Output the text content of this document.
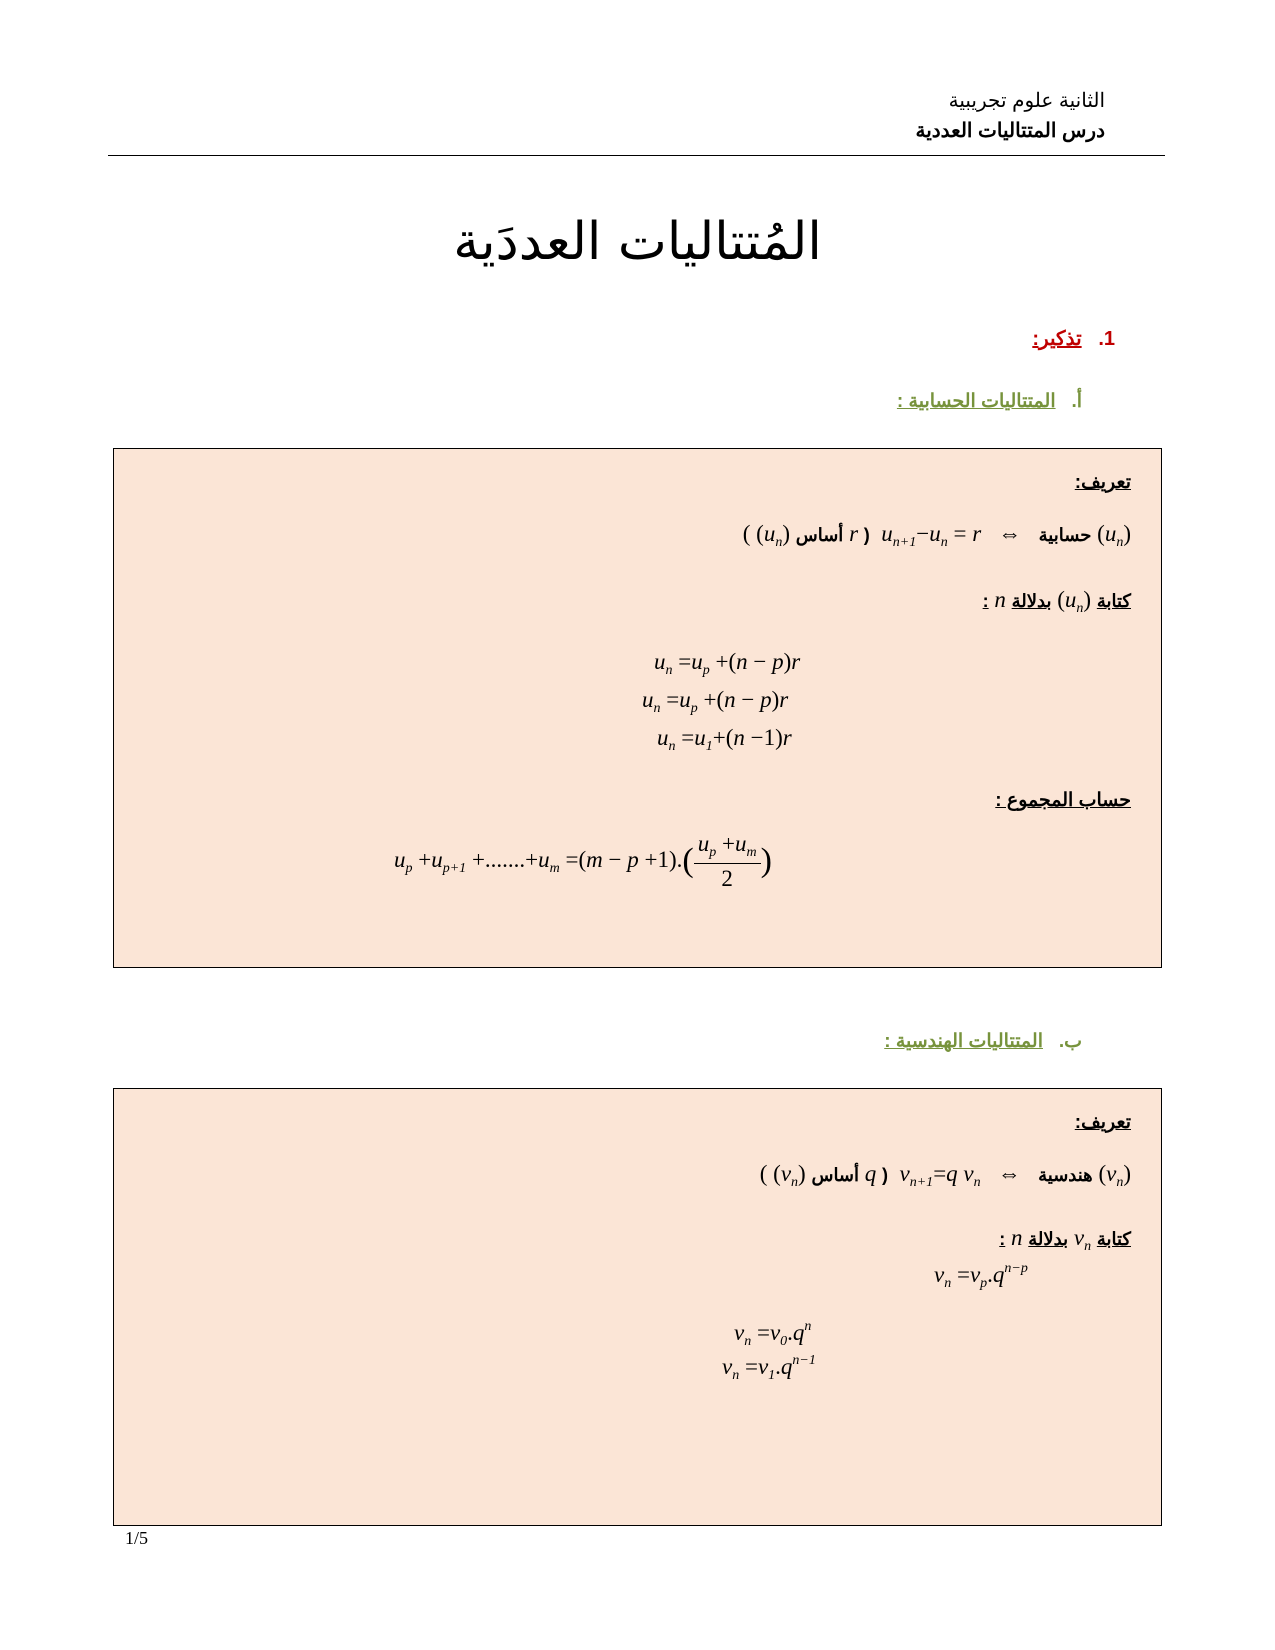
الثانية علوم تجريبية
درس المتتاليات العددية
المُتتاليات العددَية
1.   تذكير:
أ.   المتتاليات الحسابية :
تعريف:
( $(u_n)$ أساس r ) $u_{n+1}-u_n = r$ ⇔ حسابية $(u_n)$
: n بدلالة $(u_n)$ كتابة
$u_n =u_p +(n - p)r$
$u_n =u_p +(n - p)r$
$u_n =u_1+(n -1)r$
حساب المجموع :
$u_p +u_{p+1} +.......+u_m =(m - p +1).( \frac{u_p +u_m}{2}$ )
ب.   المتتاليات الهندسية :
تعريف:
( $(v_n)$ أساس q ) $v_{n+1}=q$ $v_n$ ⇔ هندسية $(v_n)$
: n بدلالة $v_n$ كتابة
$v_n =v_p.q^{n-p}$
$v_n =v_0.q^n$
$v_n =v_1.q^{n-1}$
1/5
